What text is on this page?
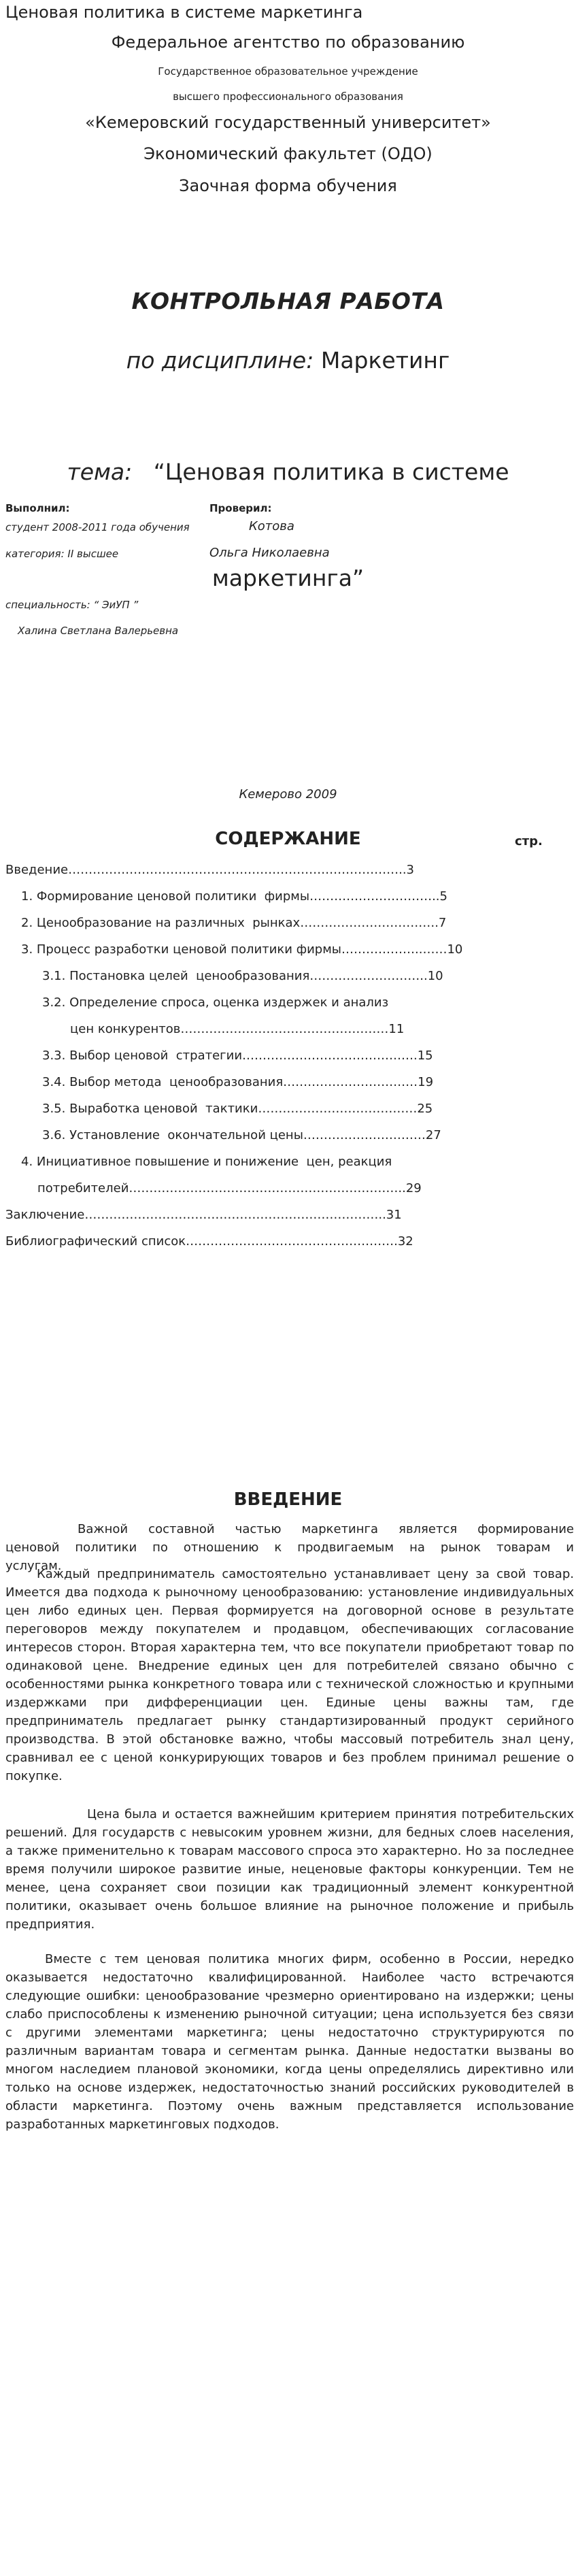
Ценовая политика в системе маркетинга
Федеральное агентство по образованию
Государственное образовательное учреждение
высшего профессионального образования
«Кемеровский государственный университет»
Экономический факультет (ОДО)
Заочная форма обучения
КОНТРОЛЬНАЯ РАБОТА
по дисциплине: Маркетинг

тема:   “Ценовая политика в системе

маркетинга”

Выполнил:	Проверил:
студент 2008-2011 года обучения	Котова
категория: II высшее	Ольга Николаевна
специальность: “ ЭиУП ”
Халина Светлана Валерьевна
Кемерово 2009
СОДЕРЖАНИЕ	стр.
Введение………………………………………………………………………..3
1. Формирование ценовой политики  фирмы…………………………..5
2. Ценообразование на различных  рынках…………………………….7
3. Процесс разработки ценовой политики фирмы………………..……10
3.1. Постановка целей  ценообразования………………………..10
3.2. Определение спроса, оценка издержек и анализ
цен конкурентов……………………………………………11
3.3. Выбор ценовой  стратегии…………………………………….15
3.4. Выбор метода  ценообразования……………………………19
3.5. Выработка ценовой  тактики…………………………………25
3.6. Установление  окончательной цены…………………………27
4. Инициативное повышение и понижение  цен, реакция
потребителей…………………………………………………………..29
Заключение………………………………………………………………..31
Библиографический список…………………………………………….32
ВВЕДЕНИЕ
Важной составной частью маркетинга является формирование ценовой политики по отношению к продвигаемым на рынок товарам и услугам.
Каждый предприниматель самостоятельно устанавливает цену за свой товар. Имеется два подхода к рыночному ценообразованию: установление индивидуальных цен либо единых цен. Первая формируется на договорной основе в результате переговоров между покупателем и продавцом, обеспечивающих согласование интересов сторон. Вторая характерна тем, что все покупатели приобретают товар по одинаковой цене. Внедрение единых цен для потребителей связано обычно с особенностями рынка конкретного товара или с технической сложностью и крупными издержками при дифференциации цен. Единые цены важны там, где предприниматель предлагает рынку стандартизированный продукт серийного производства. В этой обстановке важно, чтобы массовый потребитель знал цену, сравнивал ее с ценой конкурирующих товаров и без проблем принимал решение о покупке.
Цена была и остается важнейшим критерием принятия потребительских решений. Для государств с невысоким уровнем жизни, для бедных слоев населения, а также применительно к товарам массового спроса это характерно. Но за последнее время получили широкое развитие иные, неценовые факторы конкуренции. Тем не менее, цена сохраняет свои позиции как традиционный элемент конкурентной политики, оказывает очень большое влияние на рыночное положение и прибыль предприятия.
Вместе с тем ценовая политика многих фирм, особенно в России, нередко оказывается недостаточно квалифицированной. Наиболее часто встречаются следующие ошибки: ценообразование чрезмерно ориентировано на издержки; цены слабо приспособлены к изменению рыночной ситуации; цена используется без связи с другими элементами маркетинга; цены недостаточно структурируются по различным вариантам товара и сегментам рынка. Данные недостатки вызваны во многом наследием плановой экономики, когда цены определялись директивно или только на основе издержек, недостаточностью знаний российских руководителей в области маркетинга. Поэтому очень важным представляется использование разработанных маркетинговых подходов.
